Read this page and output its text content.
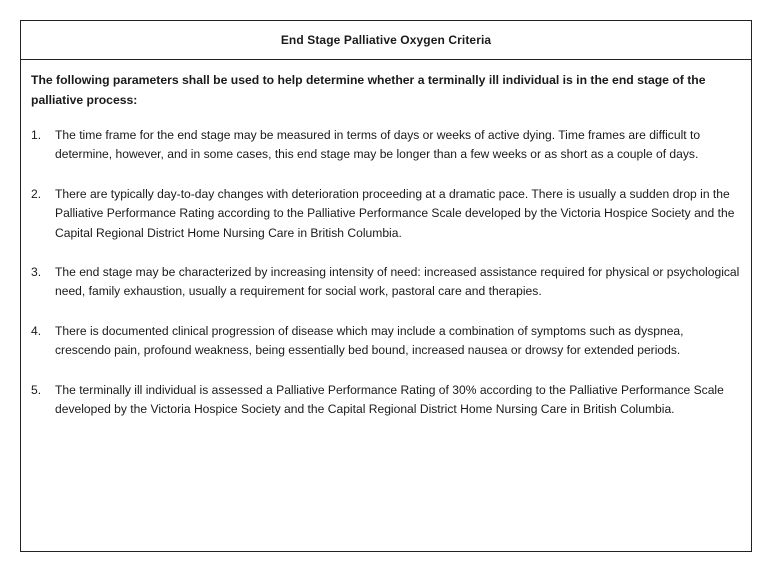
End Stage Palliative Oxygen Criteria

The following parameters shall be used to help determine whether a terminally ill individual is in the end stage of the palliative process:

1.	The time frame for the end stage may be measured in terms of days or weeks of active dying. Time frames are difficult to determine, however, and in some cases, this end stage may be longer than a few weeks or as short as a couple of days.
2.	There are typically day-to-day changes with deterioration proceeding at a dramatic pace. There is usually a sudden drop in the Palliative Performance Rating according to the Palliative Performance Scale developed by the Victoria Hospice Society and the Capital Regional District Home Nursing Care in British Columbia.
3.	The end stage may be characterized by increasing intensity of need: increased assistance required for physical or psychological need, family exhaustion, usually a requirement for social work, pastoral care and therapies.
4.	There is documented clinical progression of disease which may include a combination of symptoms such as dyspnea, crescendo pain, profound weakness, being essentially bed bound, increased nausea or drowsy for extended periods.
5.	The terminally ill individual is assessed a Palliative Performance Rating of 30% according to the Palliative Performance Scale developed by the Victoria Hospice Society and the Capital Regional District Home Nursing Care in British Columbia.
